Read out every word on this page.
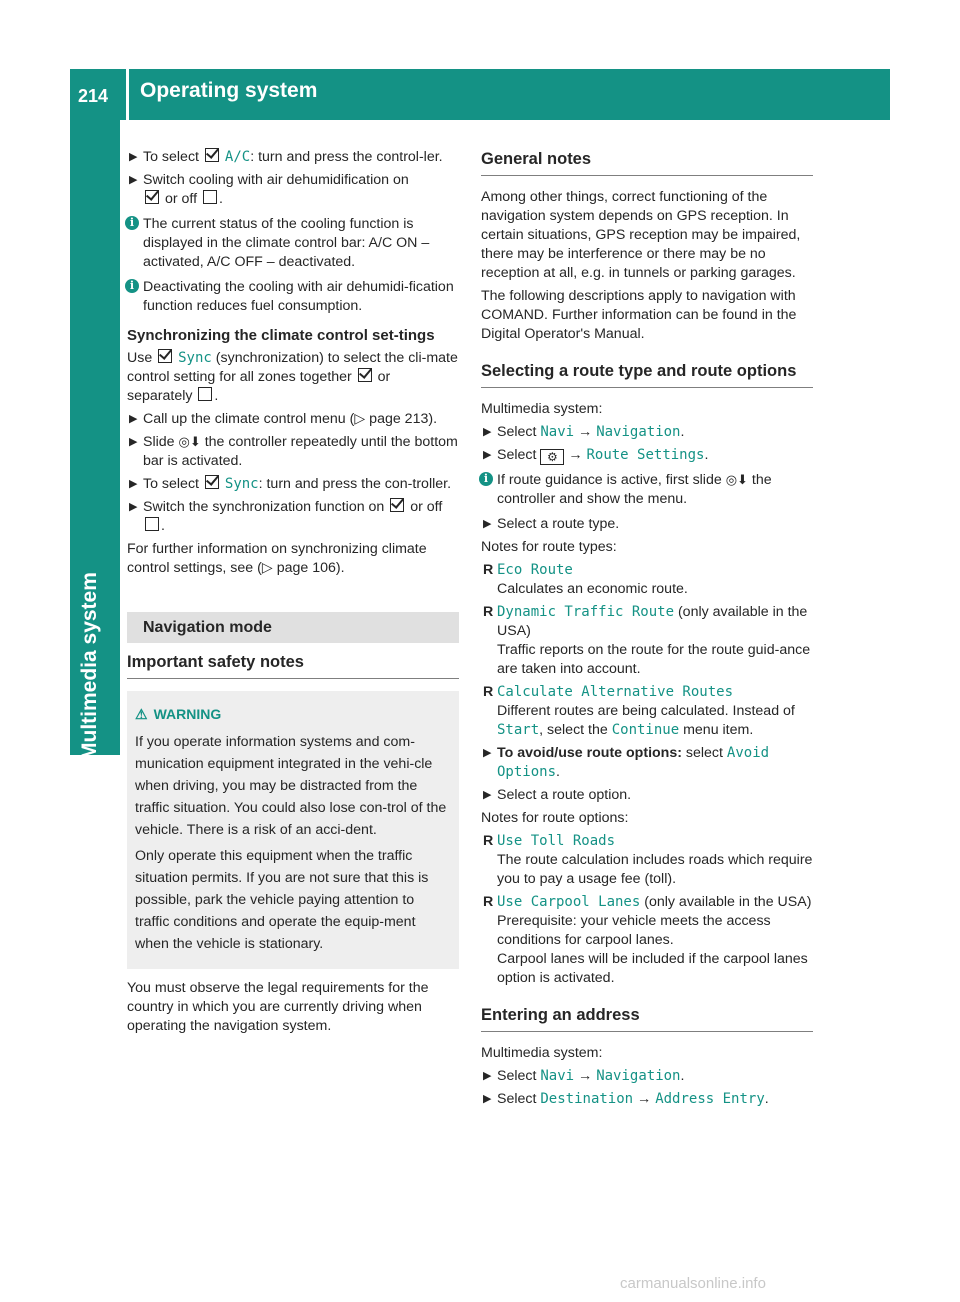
214 Operating system
Multimedia system
▶ To select  A/C: turn and press the control-ler.
▶ Switch cooling with air dehumidification on
or off .
i The current status of the cooling function is displayed in the climate control bar: A/C ON – activated, A/C OFF – deactivated.
i Deactivating the cooling with air dehumidi-fication function reduces fuel consumption.
Synchronizing the climate control set-tings

Use  Sync (synchronization) to select the cli-mate control setting for all zones together  or separately .

▶ Call up the climate control menu (▷ page 213).
▶ Slide ◎⬇ the controller repeatedly until the bottom bar is activated.
▶ To select  Sync: turn and press the con-troller.
▶ Switch the synchronization function on  or off .

For further information on synchronizing climate control settings, see (▷ page 106).

Navigation mode
Important safety notes
⚠ WARNING

If you operate information systems and com-munication equipment integrated in the vehi-cle when driving, you may be distracted from the traffic situation. You could also lose con-trol of the vehicle. There is a risk of an acci-dent.

Only operate this equipment when the traffic situation permits. If you are not sure that this is possible, park the vehicle paying attention to traffic conditions and operate the equip-ment when the vehicle is stationary.

You must observe the legal requirements for the country in which you are currently driving when operating the navigation system.

General notes

Among other things, correct functioning of the navigation system depends on GPS reception. In certain situations, GPS reception may be impaired, there may be interference or there may be no reception at all, e.g. in tunnels or parking garages.

The following descriptions apply to navigation with COMAND. Further information can be found in the Digital Operator's Manual.

Selecting a route type and route options

Multimedia system:

▶ Select Navi → Navigation.
▶ Select ⚙ → Route Settings.
i If route guidance is active, first slide ◎⬇ the controller and show the menu.
▶ Select a route type.

Notes for route types:

R Eco Route
Calculates an economic route.
R Dynamic Traffic Route (only available in the USA)
Traffic reports on the route for the route guid-ance are taken into account.
R Calculate Alternative Routes
Different routes are being calculated. Instead of Start, select the Continue menu item.
▶ To avoid/use route options: select Avoid Options.
▶ Select a route option.

Notes for route options:

R Use Toll Roads
The route calculation includes roads which require you to pay a usage fee (toll).
R Use Carpool Lanes (only available in the USA)
Prerequisite: your vehicle meets the access conditions for carpool lanes.
Carpool lanes will be included if the carpool lanes option is activated.
Entering an address

Multimedia system:

▶ Select Navi → Navigation.
▶ Select Destination → Address Entry.
carmanualsonline.info
